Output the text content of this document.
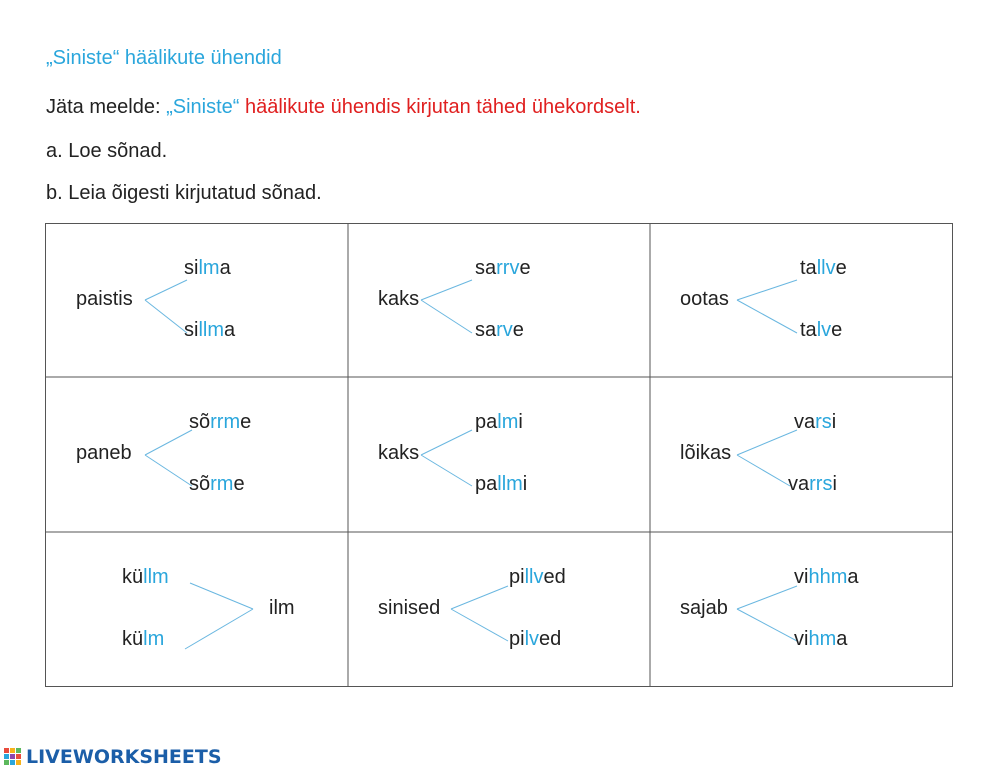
„Siniste“ häälikute ühendid
Jäta meelde: „Siniste“ häälikute ühendis kirjutan tähed ühekordselt.
a. Loe sõnad.
b. Leia õigesti kirjutatud sõnad.
paistis
silma
sillma
kaks
sarrve
sarve
ootas
tallve
talve
paneb
sõrrme
sõrme
kaks
palmi
pallmi
lõikas
varsi
varrsi
küllm
külm
ilm	sinised
pillved
pilved
sajab
vihhma
vihma
LIVEWORKSHEETS
